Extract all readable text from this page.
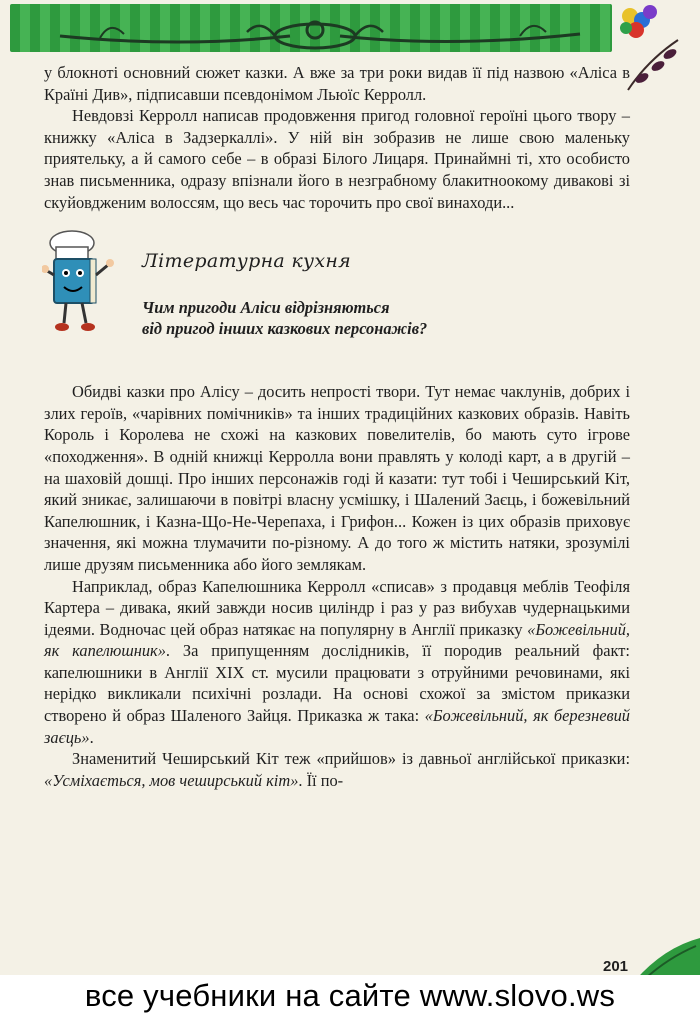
у блокноті основний сюжет казки. А вже за три роки видав її під назвою «Аліса в Країні Див», підписавши псевдонімом Льюїс Керролл.

Невдовзі Керролл написав продовження пригод головної героїні цього твору – книжку «Аліса в Задзеркаллі». У ній він зобразив не лише свою маленьку приятельку, а й самого себе – в образі Білого Лицаря. Принаймні ті, хто особисто знав письменника, одразу впізнали його в незграбному блакитноокому диваковi зі скуйовдженим волоссям, що весь час торочить про свої винаходи...

Літературна кухня
Чим пригоди Аліси відрізняються
від пригод інших казкових персонажів?

Обидві казки про Алісу – досить непрості твори. Тут немає чаклунів, добрих і злих героїв, «чарівних помічників» та інших традиційних казкових образів. Навіть Король і Королева не схожі на казкових повелителів, бо мають суто ігрове «походження». В одній книжці Керролла вони правлять у колоді карт, а в другій – на шаховій дошці. Про інших персонажів годі й казати: тут тобі і Чеширський Кіт, який зникає, залишаючи в повітрі власну усмішку, і Шалений Заєць, і божевільний Капелюшник, і Казна-Що-Не-Черепаха, і Грифон... Кожен із цих образів приховує значення, які можна тлумачити по-різному. А до того ж містить натяки, зрозумілі лише друзям письменника або його землякам.

Наприклад, образ Капелюшника Керролл «списав» з продавця меблів Теофіля Картера – дивака, який завжди носив циліндр і раз у раз вибухав чудернацькими ідеями. Водночас цей образ натякає на популярну в Англії приказку «Божевільний, як капелюшник». За припущенням дослідників, її породив реальний факт: капелюшники в Англії XIX ст. мусили працювати з отруйними речовинами, які нерідко викликали психічні розлади. На основі схожої за змістом приказки створено й образ Шаленого Зайця. Приказка ж така: «Божевільний, як березневий заєць».

Знаменитий Чеширський Кіт теж «прийшов» із давньої англійської приказки: «Усміхається, мов чеширський кіт». Її по-

201
все учебники на сайте www.slovo.ws
